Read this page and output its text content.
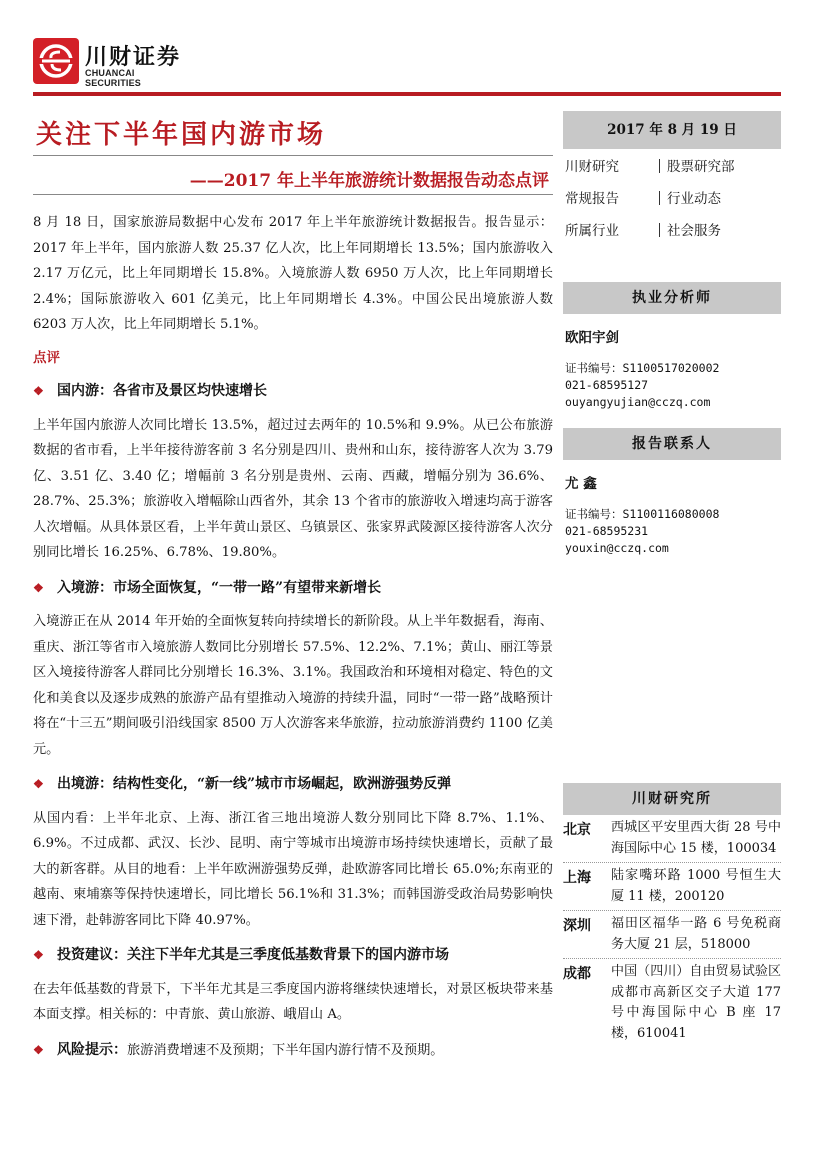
川财证券
CHUANCAI SECURITIES
关注下半年国内游市场
——2017 年上半年旅游统计数据报告动态点评

8 月 18 日，国家旅游局数据中心发布 2017 年上半年旅游统计数据报告。报告显示：2017 年上半年，国内旅游人数 25.37 亿人次，比上年同期增长 13.5%；国内旅游收入 2.17 万亿元，比上年同期增长 15.8%。入境旅游人数 6950 万人次，比上年同期增长 2.4%；国际旅游收入 601 亿美元，比上年同期增长 4.3%。中国公民出境旅游人数 6203 万人次，比上年同期增长 5.1%。

点评

❖ 国内游：各省市及景区均快速增长

上半年国内旅游人次同比增长 13.5%，超过过去两年的 10.5%和 9.9%。从已公布旅游数据的省市看，上半年接待游客前 3 名分别是四川、贵州和山东，接待游客人次为 3.79 亿、3.51 亿、3.40 亿；增幅前 3 名分别是贵州、云南、西藏，增幅分别为 36.6%、28.7%、25.3%；旅游收入增幅除山西省外，其余 13 个省市的旅游收入增速均高于游客人次增幅。从具体景区看，上半年黄山景区、乌镇景区、张家界武陵源区接待游客人次分别同比增长 16.25%、6.78%、19.80%。

❖ 入境游：市场全面恢复，“一带一路”有望带来新增长

入境游正在从 2014 年开始的全面恢复转向持续增长的新阶段。从上半年数据看，海南、重庆、浙江等省市入境旅游人数同比分别增长 57.5%、12.2%、7.1%；黄山、丽江等景区入境接待游客人群同比分别增长 16.3%、3.1%。我国政治和环境相对稳定、特色的文化和美食以及逐步成熟的旅游产品有望推动入境游的持续升温，同时“一带一路”战略预计将在“十三五”期间吸引沿线国家 8500 万人次游客来华旅游，拉动旅游消费约 1100 亿美元。

❖ 出境游：结构性变化，“新一线”城市市场崛起，欧洲游强势反弹

从国内看：上半年北京、上海、浙江省三地出境游人数分别同比下降 8.7%、1.1%、6.9%。不过成都、武汉、长沙、昆明、南宁等城市出境游市场持续快速增长，贡献了最大的新客群。从目的地看：上半年欧洲游强势反弹，赴欧游客同比增长 65.0%;东南亚的越南、柬埔寨等保持快速增长，同比增长 56.1%和 31.3%；而韩国游受政治局势影响快速下滑，赴韩游客同比下降 40.97%。

❖ 投资建议：关注下半年尤其是三季度低基数背景下的国内游市场

在去年低基数的背景下，下半年尤其是三季度国内游将继续快速增长，对景区板块带来基本面支撑。相关标的：中青旅、黄山旅游、峨眉山 A。

❖ 风险提示： 旅游消费增速不及预期；下半年国内游行情不及预期。

2017 年 8 月 19 日
川财研究	股票研究部
常规报告	行业动态
所属行业	社会服务
执业分析师
欧阳宇剑
证书编号：S1100517020002
021-68595127
ouyangyujian@cczq.com
报告联系人
尤 鑫
证书编号：S1100116080008
021-68595231
youxin@cczq.com
川财研究所
北京 西城区平安里西大街 28 号中海国际中心 15 楼，100034
上海 陆家嘴环路 1000 号恒生大厦 11 楼，200120
深圳 福田区福华一路 6 号免税商务大厦 21 层，518000
成都 中国（四川）自由贸易试验区成都市高新区交子大道 177 号中海国际中心 B 座 17 楼，610041
